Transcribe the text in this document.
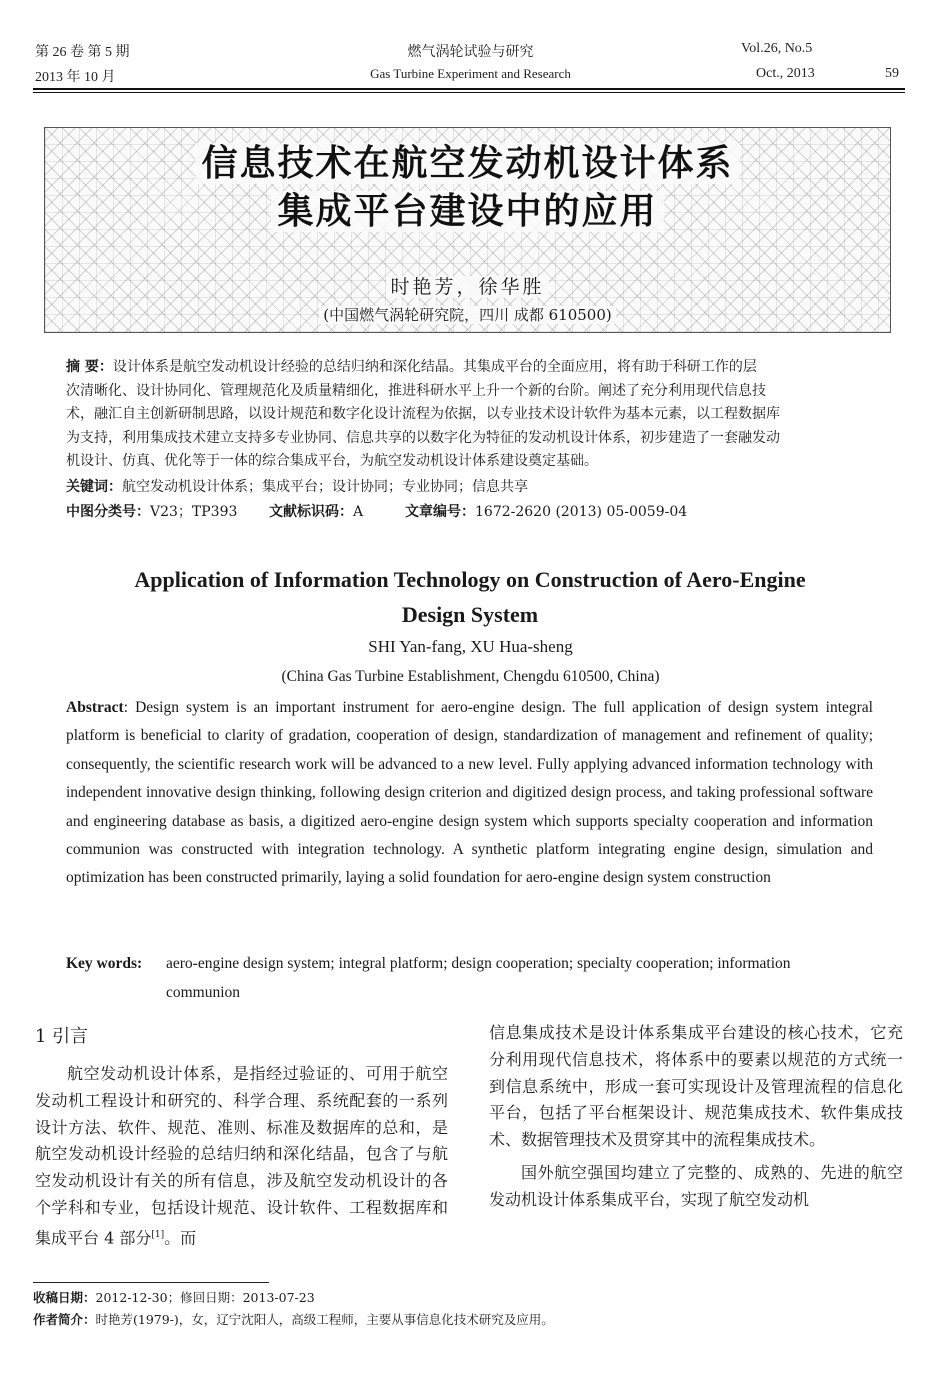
第 26 卷 第 5 期	燃气涡轮试验与研究	Vol.26, No.5
2013 年 10 月	Gas Turbine Experiment and Research	Oct., 2013	59
信息技术在航空发动机设计体系
集成平台建设中的应用
时艳芳，徐华胜
(中国燃气涡轮研究院，四川 成都 610500)
摘 要：设计体系是航空发动机设计经验的总结归纳和深化结晶。其集成平台的全面应用，将有助于科研工作的层
次清晰化、设计协同化、管理规范化及质量精细化，推进科研水平上升一个新的台阶。阐述了充分利用现代信息技
术，融汇自主创新研制思路，以设计规范和数字化设计流程为依据，以专业技术设计软件为基本元素，以工程数据库
为支持，利用集成技术建立支持多专业协同、信息共享的以数字化为特征的发动机设计体系，初步建造了一套融发动
机设计、仿真、优化等于一体的综合集成平台，为航空发动机设计体系建设奠定基础。
关键词：航空发动机设计体系；集成平台；设计协同；专业协同；信息共享
中图分类号：V23；TP393 文献标识码：A	文章编号：1672-2620 (2013) 05-0059-04
Application of Information Technology on Construction of Aero-Engine
Design System
SHI Yan-fang, XU Hua-sheng
(China Gas Turbine Establishment, Chengdu 610500, China)
Abstract: Design system is an important instrument for aero-engine design. The full application of design system integral platform is beneficial to clarity of gradation, cooperation of design, standardization of management and refinement of quality; consequently, the scientific research work will be advanced to a new level. Fully applying advanced information technology with independent innovative design thinking, following design criterion and digitized design process, and taking professional software and engineering database as basis, a digitized aero-engine design system which supports specialty cooperation and information communion was constructed with integration technology. A synthetic platform integrating engine design, simulation and optimization has been constructed primarily, laying a solid foundation for aero-engine design system construction
Key words: aero-engine design system; integral platform; design cooperation; specialty cooperation; information communion
1 引言

航空发动机设计体系，是指经过验证的、可用于航空发动机工程设计和研究的、科学合理、系统配套的一系列设计方法、软件、规范、准则、标准及数据库的总和，是航空发动机设计经验的总结归纳和深化结晶，包含了与航空发动机设计有关的所有信息，涉及航空发动机设计的各个学科和专业，包括设计规范、设计软件、工程数据库和集成平台 4 部分[1]。而

信息集成技术是设计体系集成平台建设的核心技术，它充分利用现代信息技术，将体系中的要素以规范的方式统一到信息系统中，形成一套可实现设计及管理流程的信息化平台，包括了平台框架设计、规范集成技术、软件集成技术、数据管理技术及贯穿其中的流程集成技术。

国外航空强国均建立了完整的、成熟的、先进的航空发动机设计体系集成平台，实现了航空发动机

收稿日期：2012-12-30；修回日期：2013-07-23
作者简介：时艳芳(1979-)，女，辽宁沈阳人，高级工程师，主要从事信息化技术研究及应用。
